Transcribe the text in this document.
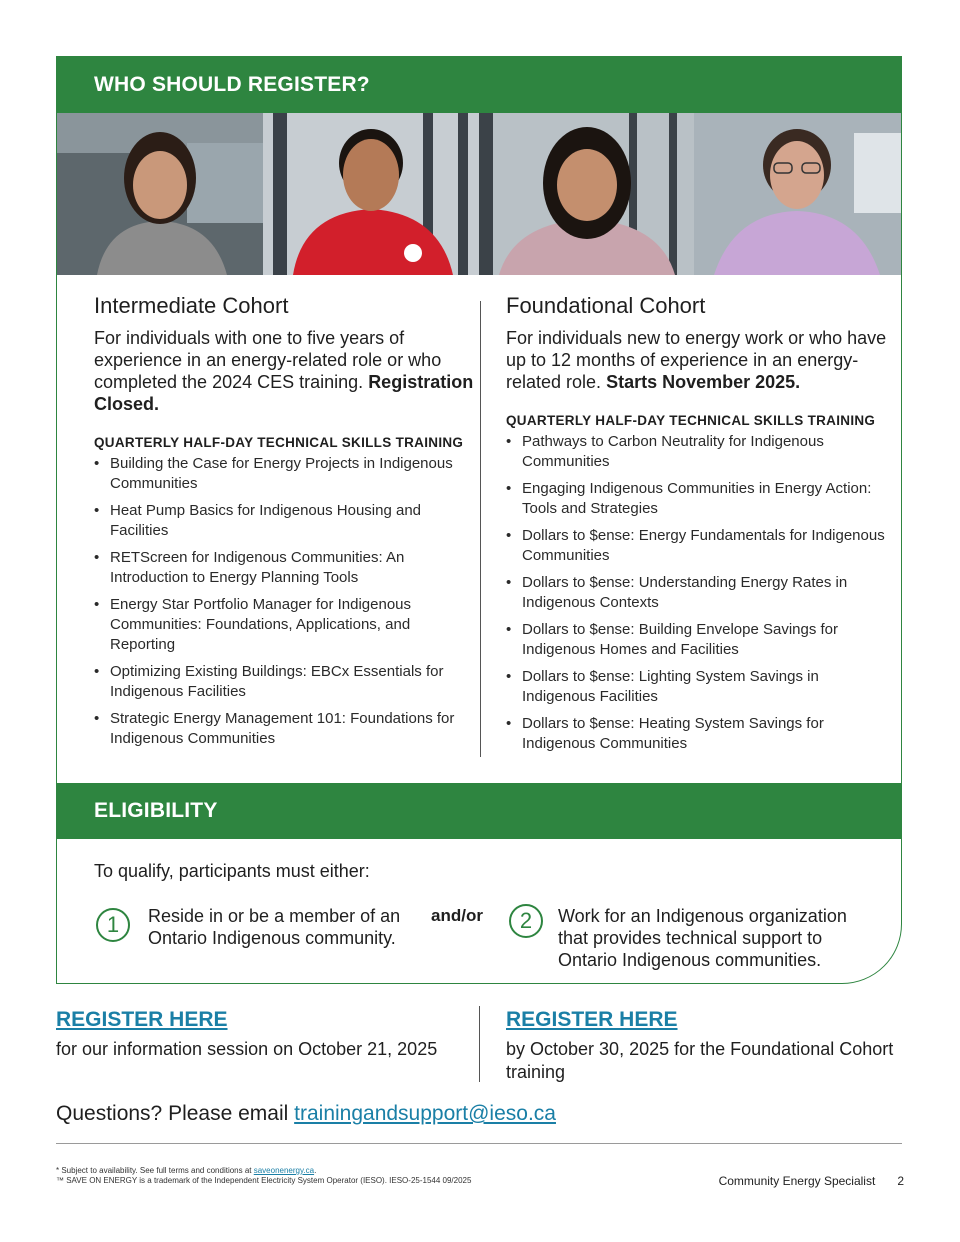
WHO SHOULD REGISTER?
Intermediate Cohort

For individuals with one to five years of experience in an energy-related role or who completed the 2024 CES training. Registration Closed.

QUARTERLY HALF-DAY TECHNICAL SKILLS TRAINING

• Building the Case for Energy Projects in Indigenous Communities
• Heat Pump Basics for Indigenous Housing and Facilities
• RETScreen for Indigenous Communities: An Introduction to Energy Planning Tools
• Energy Star Portfolio Manager for Indigenous Communities: Foundations, Applications, and Reporting
• Optimizing Existing Buildings: EBCx Essentials for Indigenous Facilities
• Strategic Energy Management 101: Foundations for Indigenous Communities
Foundational Cohort

For individuals new to energy work or who have up to 12 months of experience in an energy-related role. Starts November 2025.

QUARTERLY HALF-DAY TECHNICAL SKILLS TRAINING

• Pathways to Carbon Neutrality for Indigenous Communities
• Engaging Indigenous Communities in Energy Action: Tools and Strategies
• Dollars to $ense: Energy Fundamentals for Indigenous Communities
• Dollars to $ense: Understanding Energy Rates in Indigenous Contexts
• Dollars to $ense: Building Envelope Savings for Indigenous Homes and Facilities
• Dollars to $ense: Lighting System Savings in Indigenous Facilities
• Dollars to $ense: Heating System Savings for Indigenous Communities
ELIGIBILITY
To qualify, participants must either:
1	Reside in or be a member of an Ontario Indigenous community.
and/or	2	Work for an Indigenous organization that provides technical support to Ontario Indigenous communities.
REGISTER HERE

for our information session on October 21, 2025

REGISTER HERE

by October 30, 2025 for the Foundational Cohort training

Questions? Please email trainingandsupport@ieso.ca
* Subject to availability. See full terms and conditions at saveonenergy.ca.
™ SAVE ON ENERGY is a trademark of the Independent Electricity System Operator (IESO). IESO-25-1544 09/2025	Community Energy Specialist 2
